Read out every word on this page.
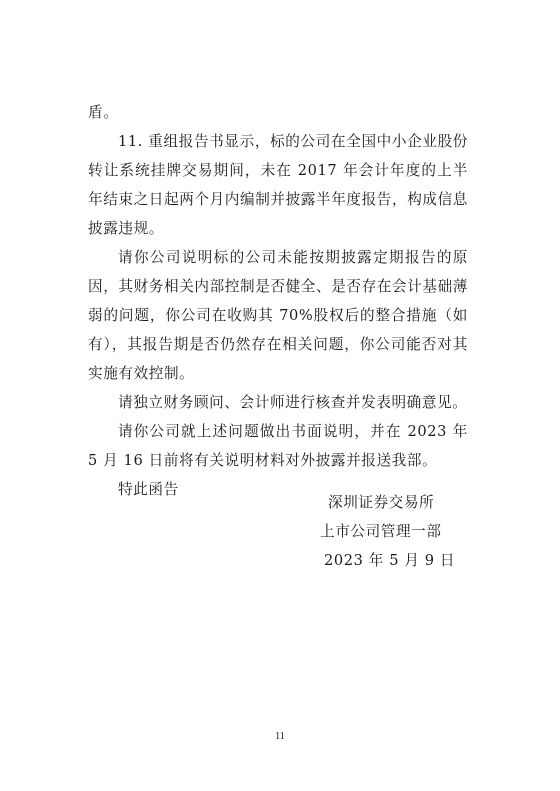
盾。

11. 重组报告书显示，标的公司在全国中小企业股份转让系统挂牌交易期间，未在 2017 年会计年度的上半年结束之日起两个月内编制并披露半年度报告，构成信息披露违规。

请你公司说明标的公司未能按期披露定期报告的原因，其财务相关内部控制是否健全、是否存在会计基础薄弱的问题，你公司在收购其 70%股权后的整合措施（如有），其报告期是否仍然存在相关问题，你公司能否对其实施有效控制。

请独立财务顾问、会计师进行核查并发表明确意见。

请你公司就上述问题做出书面说明，并在 2023 年 5 月 16 日前将有关说明材料对外披露并报送我部。

特此函告

深圳证券交易所
上市公司管理一部
2023 年 5 月 9 日
11
